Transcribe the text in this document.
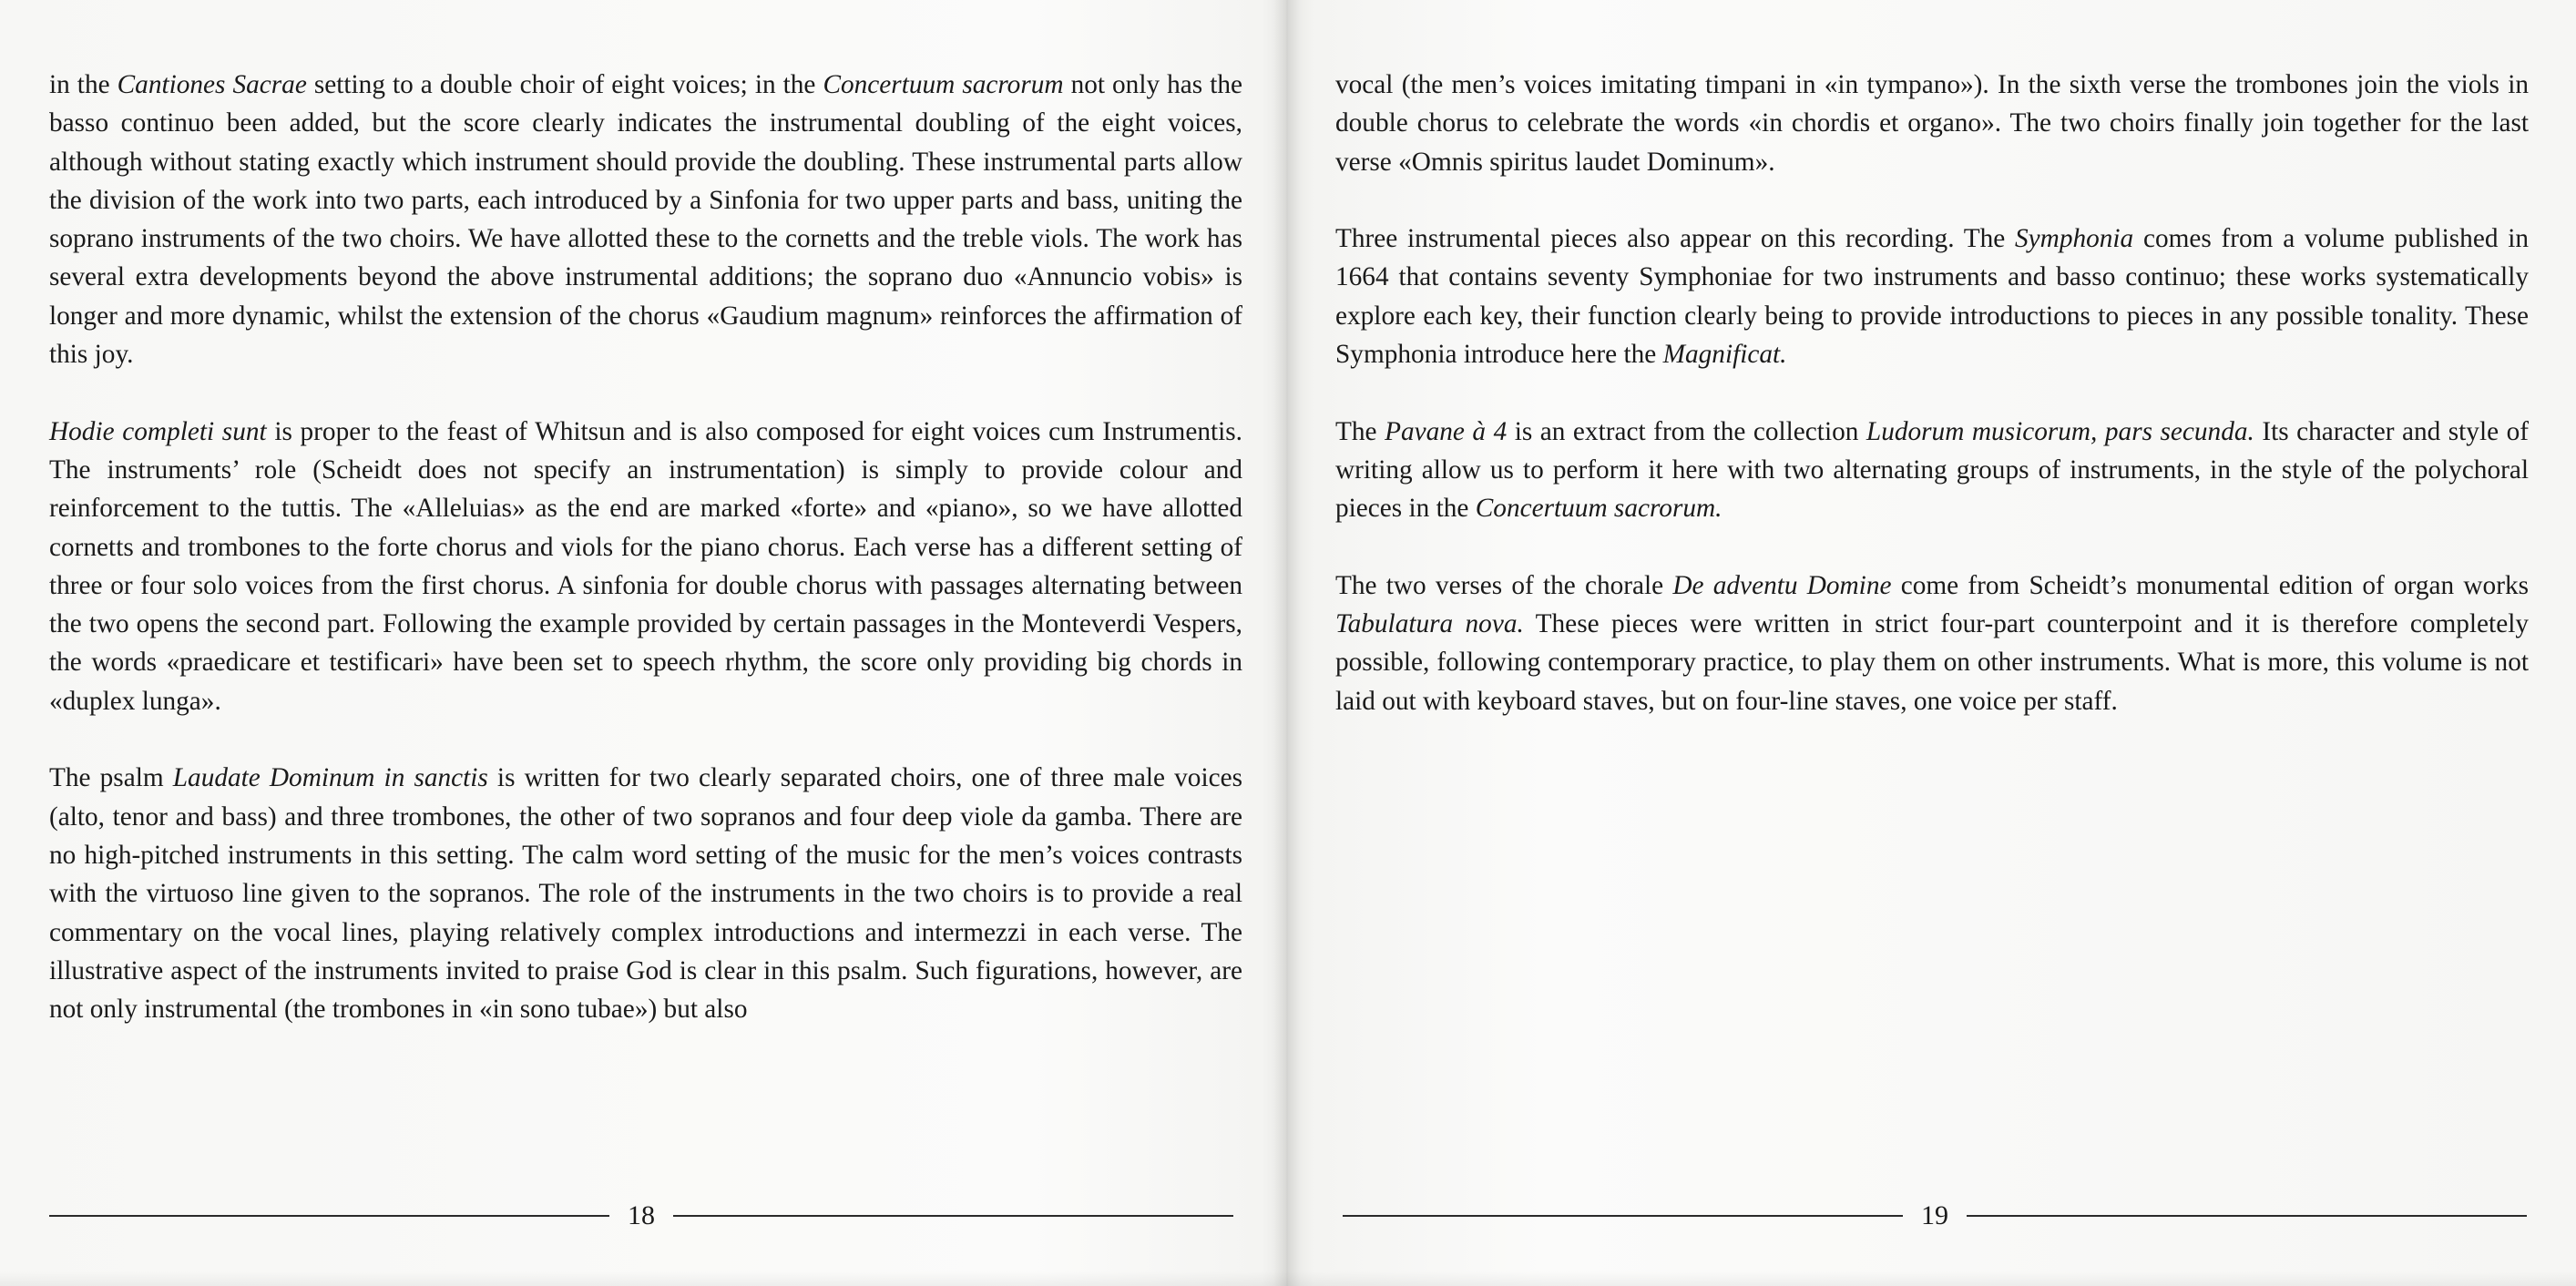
in the Cantiones Sacrae setting to a double choir of eight voices; in the Concertuum sacrorum not only has the basso continuo been added, but the score clearly indicates the instrumental doubling of the eight voices, although without stating exactly which instrument should provide the doubling. These instrumental parts allow the division of the work into two parts, each introduced by a Sinfonia for two upper parts and bass, uniting the soprano instruments of the two choirs. We have allotted these to the cornetts and the treble viols. The work has several extra developments beyond the above instrumental additions; the soprano duo «Annuncio vobis» is longer and more dynamic, whilst the extension of the chorus «Gaudium magnum» reinforces the affirmation of this joy.

Hodie completi sunt is proper to the feast of Whitsun and is also composed for eight voices cum Instrumentis. The instruments’ role (Scheidt does not specify an instrumentation) is simply to provide colour and reinforcement to the tuttis. The «Alleluias» as the end are marked «forte» and «piano», so we have allotted cornetts and trombones to the forte chorus and viols for the piano chorus. Each verse has a different setting of three or four solo voices from the first chorus. A sinfonia for double chorus with passages alternating between the two opens the second part. Following the example provided by certain passages in the Monteverdi Vespers, the words «praedicare et testificari» have been set to speech rhythm, the score only providing big chords in «duplex lunga».

The psalm Laudate Dominum in sanctis is written for two clearly separated choirs, one of three male voices (alto, tenor and bass) and three trombones, the other of two sopranos and four deep viole da gamba. There are no high-pitched instruments in this setting. The calm word setting of the music for the men’s voices contrasts with the virtuoso line given to the sopranos. The role of the instruments in the two choirs is to provide a real commentary on the vocal lines, playing relatively complex introductions and intermezzi in each verse. The illustrative aspect of the instruments invited to praise God is clear in this psalm. Such figurations, however, are not only instrumental (the trombones in «in sono tubae») but also

18

vocal (the men’s voices imitating timpani in «in tympano»). In the sixth verse the trombones join the viols in double chorus to celebrate the words «in chordis et organo». The two choirs finally join together for the last verse «Omnis spiritus laudet Dominum».

Three instrumental pieces also appear on this recording. The Symphonia comes from a volume published in 1664 that contains seventy Symphoniae for two instruments and basso continuo; these works systematically explore each key, their function clearly being to provide introductions to pieces in any possible tonality. These Symphonia introduce here the Magnificat.

The Pavane à 4 is an extract from the collection Ludorum musicorum, pars secunda. Its character and style of writing allow us to perform it here with two alternating groups of instruments, in the style of the polychoral pieces in the Concertuum sacrorum.

The two verses of the chorale De adventu Domine come from Scheidt’s monumental edition of organ works Tabulatura nova. These pieces were written in strict four-part counterpoint and it is therefore completely possible, following contemporary practice, to play them on other instruments. What is more, this volume is not laid out with keyboard staves, but on four-line staves, one voice per staff.

19
